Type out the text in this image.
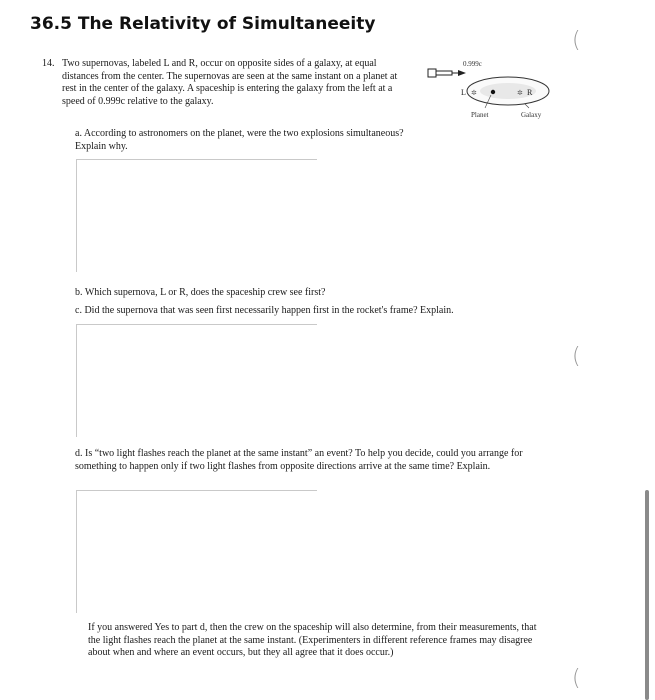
36.5 The Relativity of Simultaneeity
(
(
(
14. Two supernovas, labeled L and R, occur on opposite sides of a galaxy, at equal distances from the center. The supernovas are seen at the same instant on a planet at rest in the center of the galaxy. A spaceship is entering the galaxy from the left at a speed of 0.999c relative to the galaxy.
0.999c
L ✲	✲ R
Planet	Galaxy
a. According to astronomers on the planet, were the two explosions simultaneous? Explain why.
b. Which supernova, L or R, does the spaceship crew see first?
c. Did the supernova that was seen first necessarily happen first in the rocket's frame? Explain.
d. Is “two light flashes reach the planet at the same instant” an event? To help you decide, could you arrange for something to happen only if two light flashes from opposite directions arrive at the same time? Explain.
If you answered Yes to part d, then the crew on the spaceship will also determine, from their measurements, that the light flashes reach the planet at the same instant. (Experimenters in different reference frames may disagree about when and where an event occurs, but they all agree that it does occur.)
